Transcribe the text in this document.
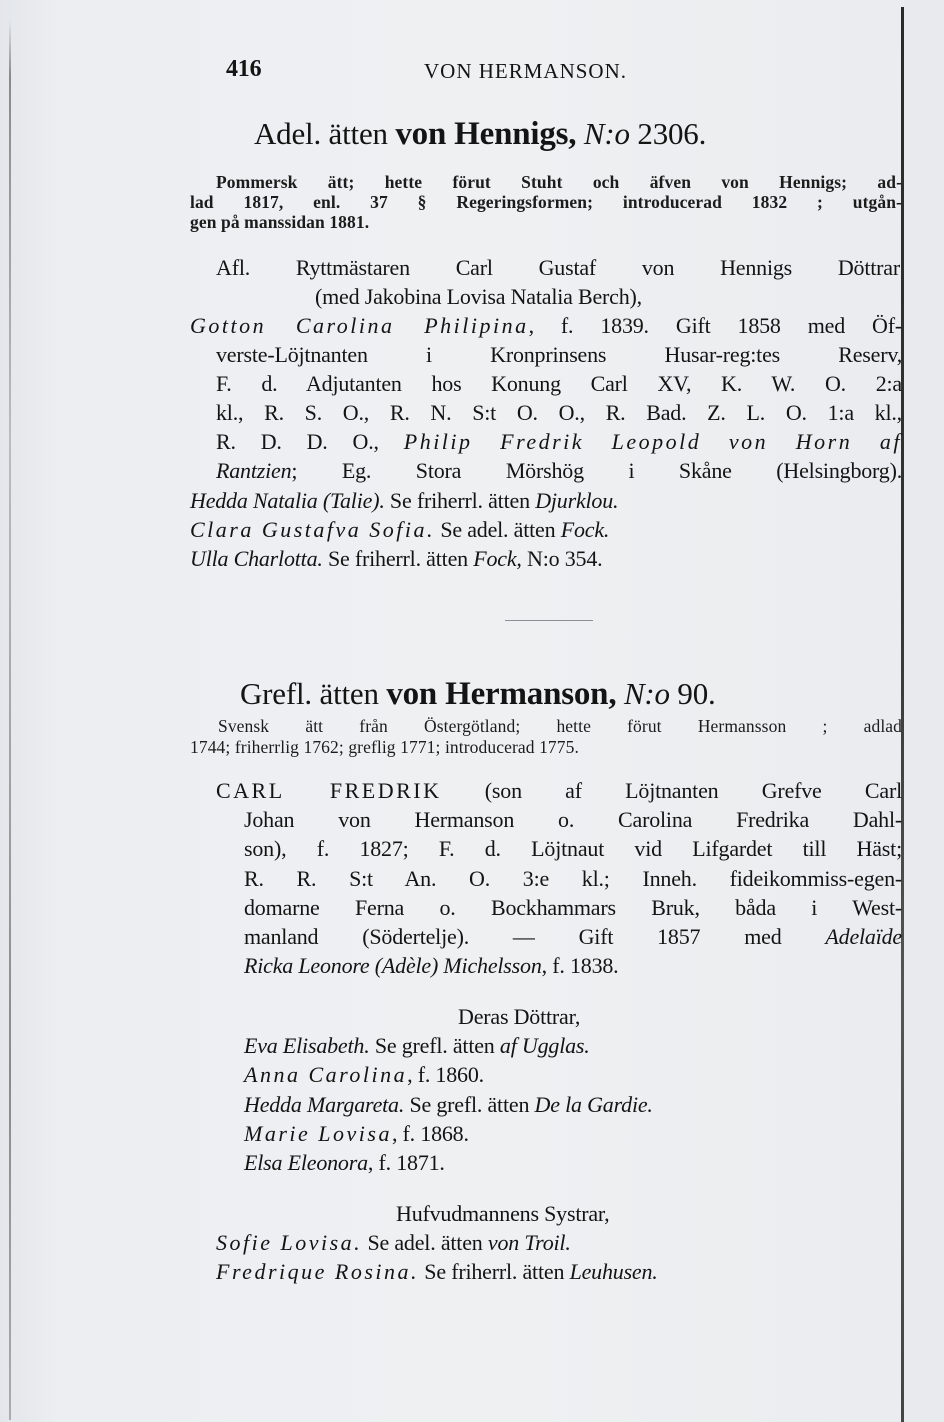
416	VON HERMANSON.
Adel. ätten von Hennigs, N:o 2306.
Pommersk ätt; hette förut Stuht och äfven von Hennigs; ad-
lad 1817, enl. 37 § Regeringsformen; introducerad 1832 ; utgån-
gen på manssidan 1881.
Afl. Ryttmästaren Carl Gustaf von Hennigs Döttrar
(med Jakobina Lovisa Natalia Berch),
Gotton Carolina Philipina, f. 1839. Gift 1858 med Öf-
verste-Löjtnanten i Kronprinsens Husar-reg:tes Reserv,
F. d. Adjutanten hos Konung Carl XV, K. W. O. 2:a
kl., R. S. O., R. N. S:t O. O., R. Bad. Z. L. O. 1:a kl.,
R. D. D. O., Philip Fredrik Leopold von Horn af
Rantzien; Eg. Stora Mörshög i Skåne (Helsingborg).
Hedda Natalia (Talie). Se friherrl. ätten Djurklou.
Clara Gustafva Sofia. Se adel. ätten Fock.
Ulla Charlotta. Se friherrl. ätten Fock, N:o 354.
Grefl. ätten von Hermanson, N:o 90.
Svensk ätt från Östergötland; hette förut Hermansson ; adlad
1744; friherrlig 1762; greflig 1771; introducerad 1775.
CARL FREDRIK (son af Löjtnanten Grefve Carl
Johan von Hermanson o. Carolina Fredrika Dahl-
son), f. 1827; F. d. Löjtnaut vid Lifgardet till Häst;
R. R. S:t An. O. 3:e kl.; Inneh. fideikommiss-egen-
domarne Ferna o. Bockhammars Bruk, båda i West-
manland (Södertelje). — Gift 1857 med Adelaïde
Ricka Leonore (Adèle) Michelsson, f. 1838.
Deras Döttrar,
Eva Elisabeth. Se grefl. ätten af Ugglas.
Anna Carolina, f. 1860.
Hedda Margareta. Se grefl. ätten De la Gardie.
Marie Lovisa, f. 1868.
Elsa Eleonora, f. 1871.
Hufvudmannens Systrar,
Sofie Lovisa. Se adel. ätten von Troil.
Fredrique Rosina. Se friherrl. ätten Leuhusen.
